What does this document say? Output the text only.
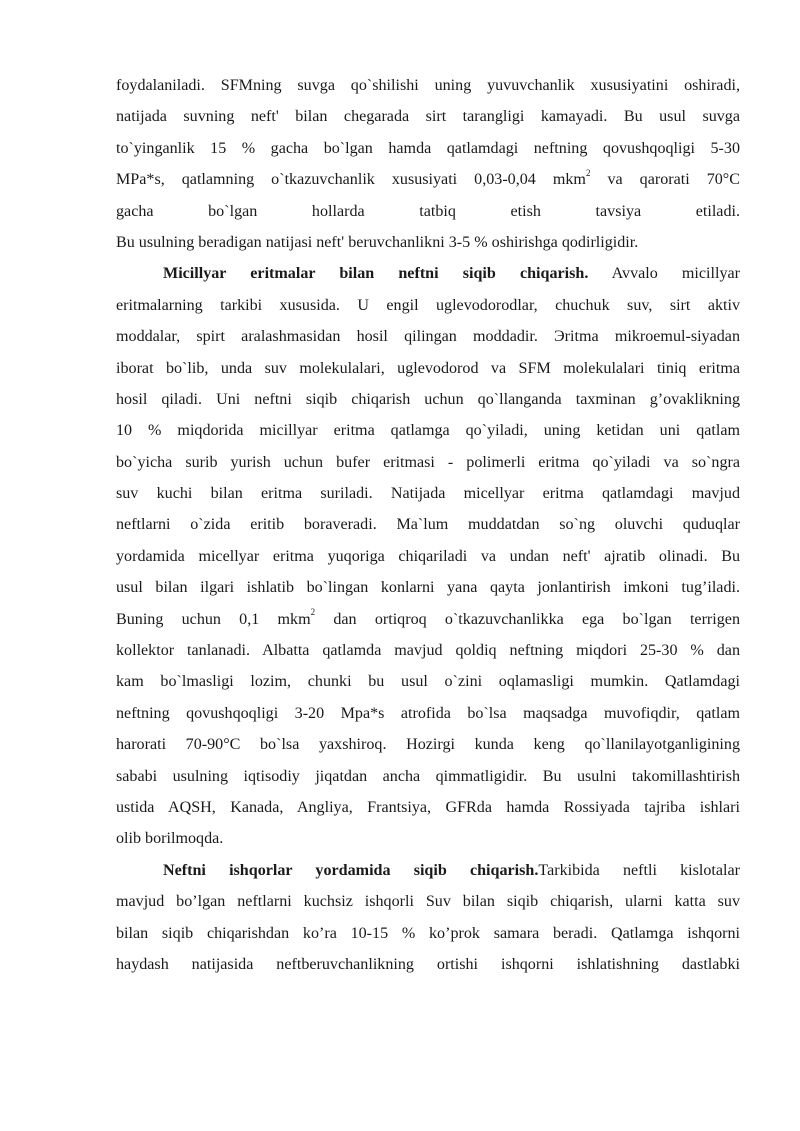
foydalaniladi. SFMning suvga qo`shilishi uning yuvuvchanlik xususiyatini oshiradi,
natijada suvning neft' bilan chegarada sirt tarangligi kamayadi. Bu usul suvga
to`yinganlik 15 % gacha bo`lgan hamda qatlamdagi neftning qovushqoqligi 5-30
MPa*s, qatlamning o`tkazuvchanlik xususiyati 0,03-0,04 mkm$^2$ va qarorati 70°C
gacha bo`lgan hollarda tatbiq etish tavsiya etiladi.
Bu usulning beradigan natijasi neft' beruvchanlikni 3-5 % oshirishga qodirligidir.
Micillyar eritmalar bilan neftni siqib chiqarish. Avvalo micillyar
eritmalarning tarkibi xususida. U engil uglevodorodlar, chuchuk suv, sirt aktiv
moddalar, spirt aralashmasidan hosil qilingan moddadir. Эritma mikroemul-siyadan
iborat bo`lib, unda suv molekulalari, uglevodorod va SFM molekulalari tiniq eritma
hosil qiladi. Uni neftni siqib chiqarish uchun qo`llanganda taxminan g’ovaklikning
10 % miqdorida micillyar eritma qatlamga qo`yiladi, uning ketidan uni qatlam
bo`yicha surib yurish uchun bufer eritmasi - polimerli eritma qo`yiladi va so`ngra
suv kuchi bilan eritma suriladi. Natijada micellyar eritma qatlamdagi mavjud
neftlarni o`zida eritib boraveradi. Ma`lum muddatdan so`ng oluvchi quduqlar
yordamida micellyar eritma yuqoriga chiqariladi va undan neft' ajratib olinadi. Bu
usul bilan ilgari ishlatib bo`lingan konlarni yana qayta jonlantirish imkoni tug’iladi.
Buning uchun 0,1 mkm$^2$ dan ortiqroq o`tkazuvchanlikka ega bo`lgan terrigen
kollektor tanlanadi. Albatta qatlamda mavjud qoldiq neftning miqdori 25-30 % dan
kam bo`lmasligi lozim, chunki bu usul o`zini oqlamasligi mumkin. Qatlamdagi
neftning qovushqoqligi 3-20 Mpa*s atrofida bo`lsa maqsadga muvofiqdir, qatlam
harorati 70-90°C bo`lsa yaxshiroq. Hozirgi kunda keng qo`llanilayotganligining
sababi usulning iqtisodiy jiqatdan ancha qimmatligidir. Bu usulni takomillashtirish
ustida AQSH, Kanada, Angliya, Frantsiya, GFRda hamda Rossiyada tajriba ishlari
olib borilmoqda.
Neftni ishqorlar yordamida siqib chiqarish.Tarkibida neftli kislotalar
mavjud bo’lgan neftlarni kuchsiz ishqorli Suv bilan siqib chiqarish, ularni katta suv
bilan siqib chiqarishdan ko’ra 10-15 % ko’prok samara beradi. Qatlamga ishqorni
haydash natijasida neftberuvchanlikning ortishi ishqorni ishlatishning dastlabki
